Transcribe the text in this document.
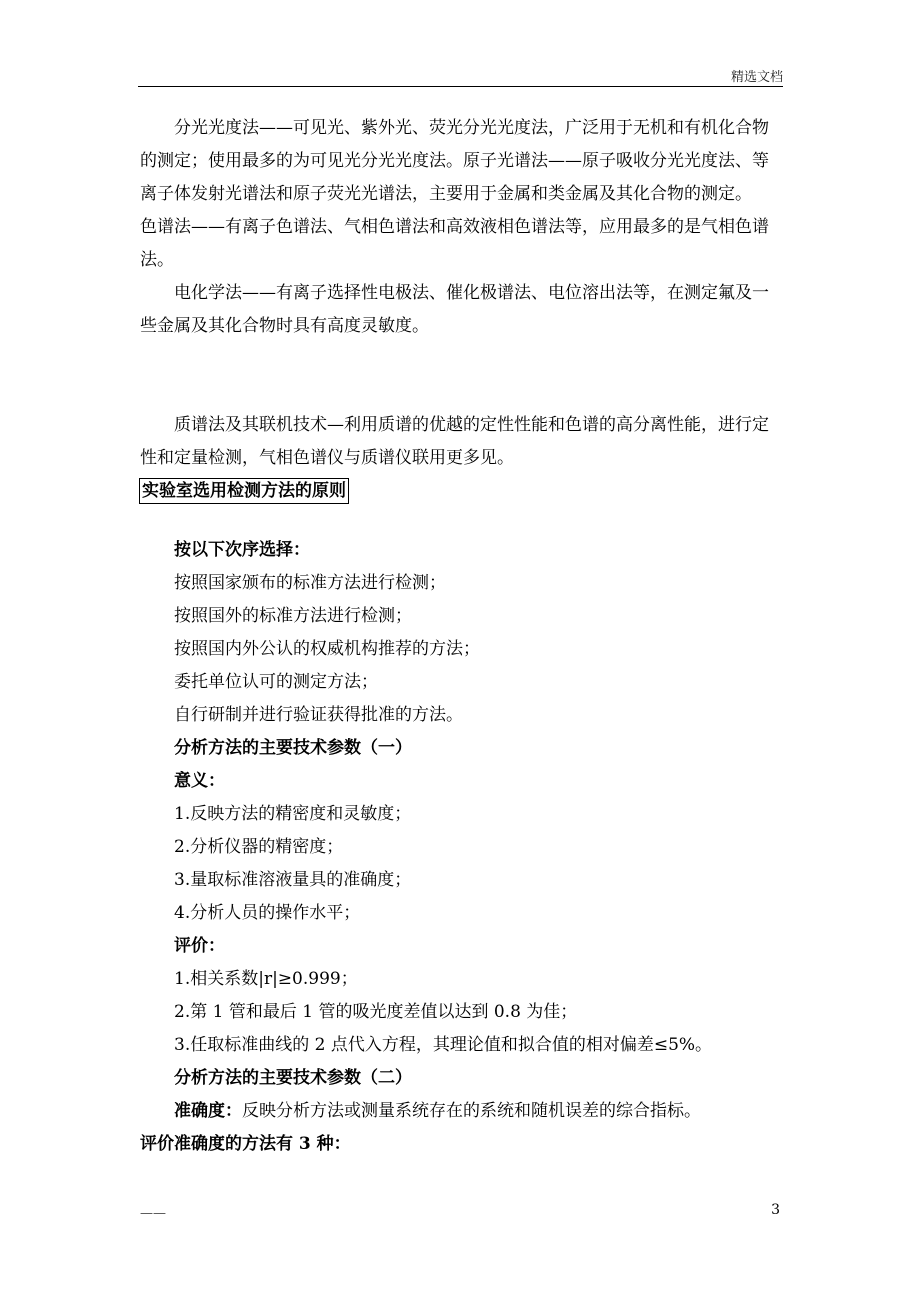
精选文档

分光光度法——可见光、紫外光、荧光分光光度法，广泛用于无机和有机化合物的测定；使用最多的为可见光分光光度法。原子光谱法——原子吸收分光光度法、等离子体发射光谱法和原子荧光光谱法，主要用于金属和类金属及其化合物的测定。

色谱法——有离子色谱法、气相色谱法和高效液相色谱法等，应用最多的是气相色谱法。

电化学法——有离子选择性电极法、催化极谱法、电位溶出法等，在测定氟及一些金属及其化合物时具有高度灵敏度。

质谱法及其联机技术—利用质谱的优越的定性性能和色谱的高分离性能，进行定性和定量检测，气相色谱仪与质谱仪联用更多见。

实验室选用检测方法的原则

按以下次序选择：

按照国家颁布的标准方法进行检测；

按照国外的标准方法进行检测；

按照国内外公认的权威机构推荐的方法；

委托单位认可的测定方法；

自行研制并进行验证获得批准的方法。

分析方法的主要技术参数（一）

意义：

1.反映方法的精密度和灵敏度；

2.分析仪器的精密度；

3.量取标准溶液量具的准确度；

4.分析人员的操作水平；

评价：

1.相关系数|r|≥0.999；

2.第 1 管和最后 1 管的吸光度差值以达到 0.8 为佳；

3.任取标准曲线的 2 点代入方程，其理论值和拟合值的相对偏差≤5%。

分析方法的主要技术参数（二）

准确度：反映分析方法或测量系统存在的系统和随机误差的综合指标。

评价准确度的方法有 3 种：

——	3
